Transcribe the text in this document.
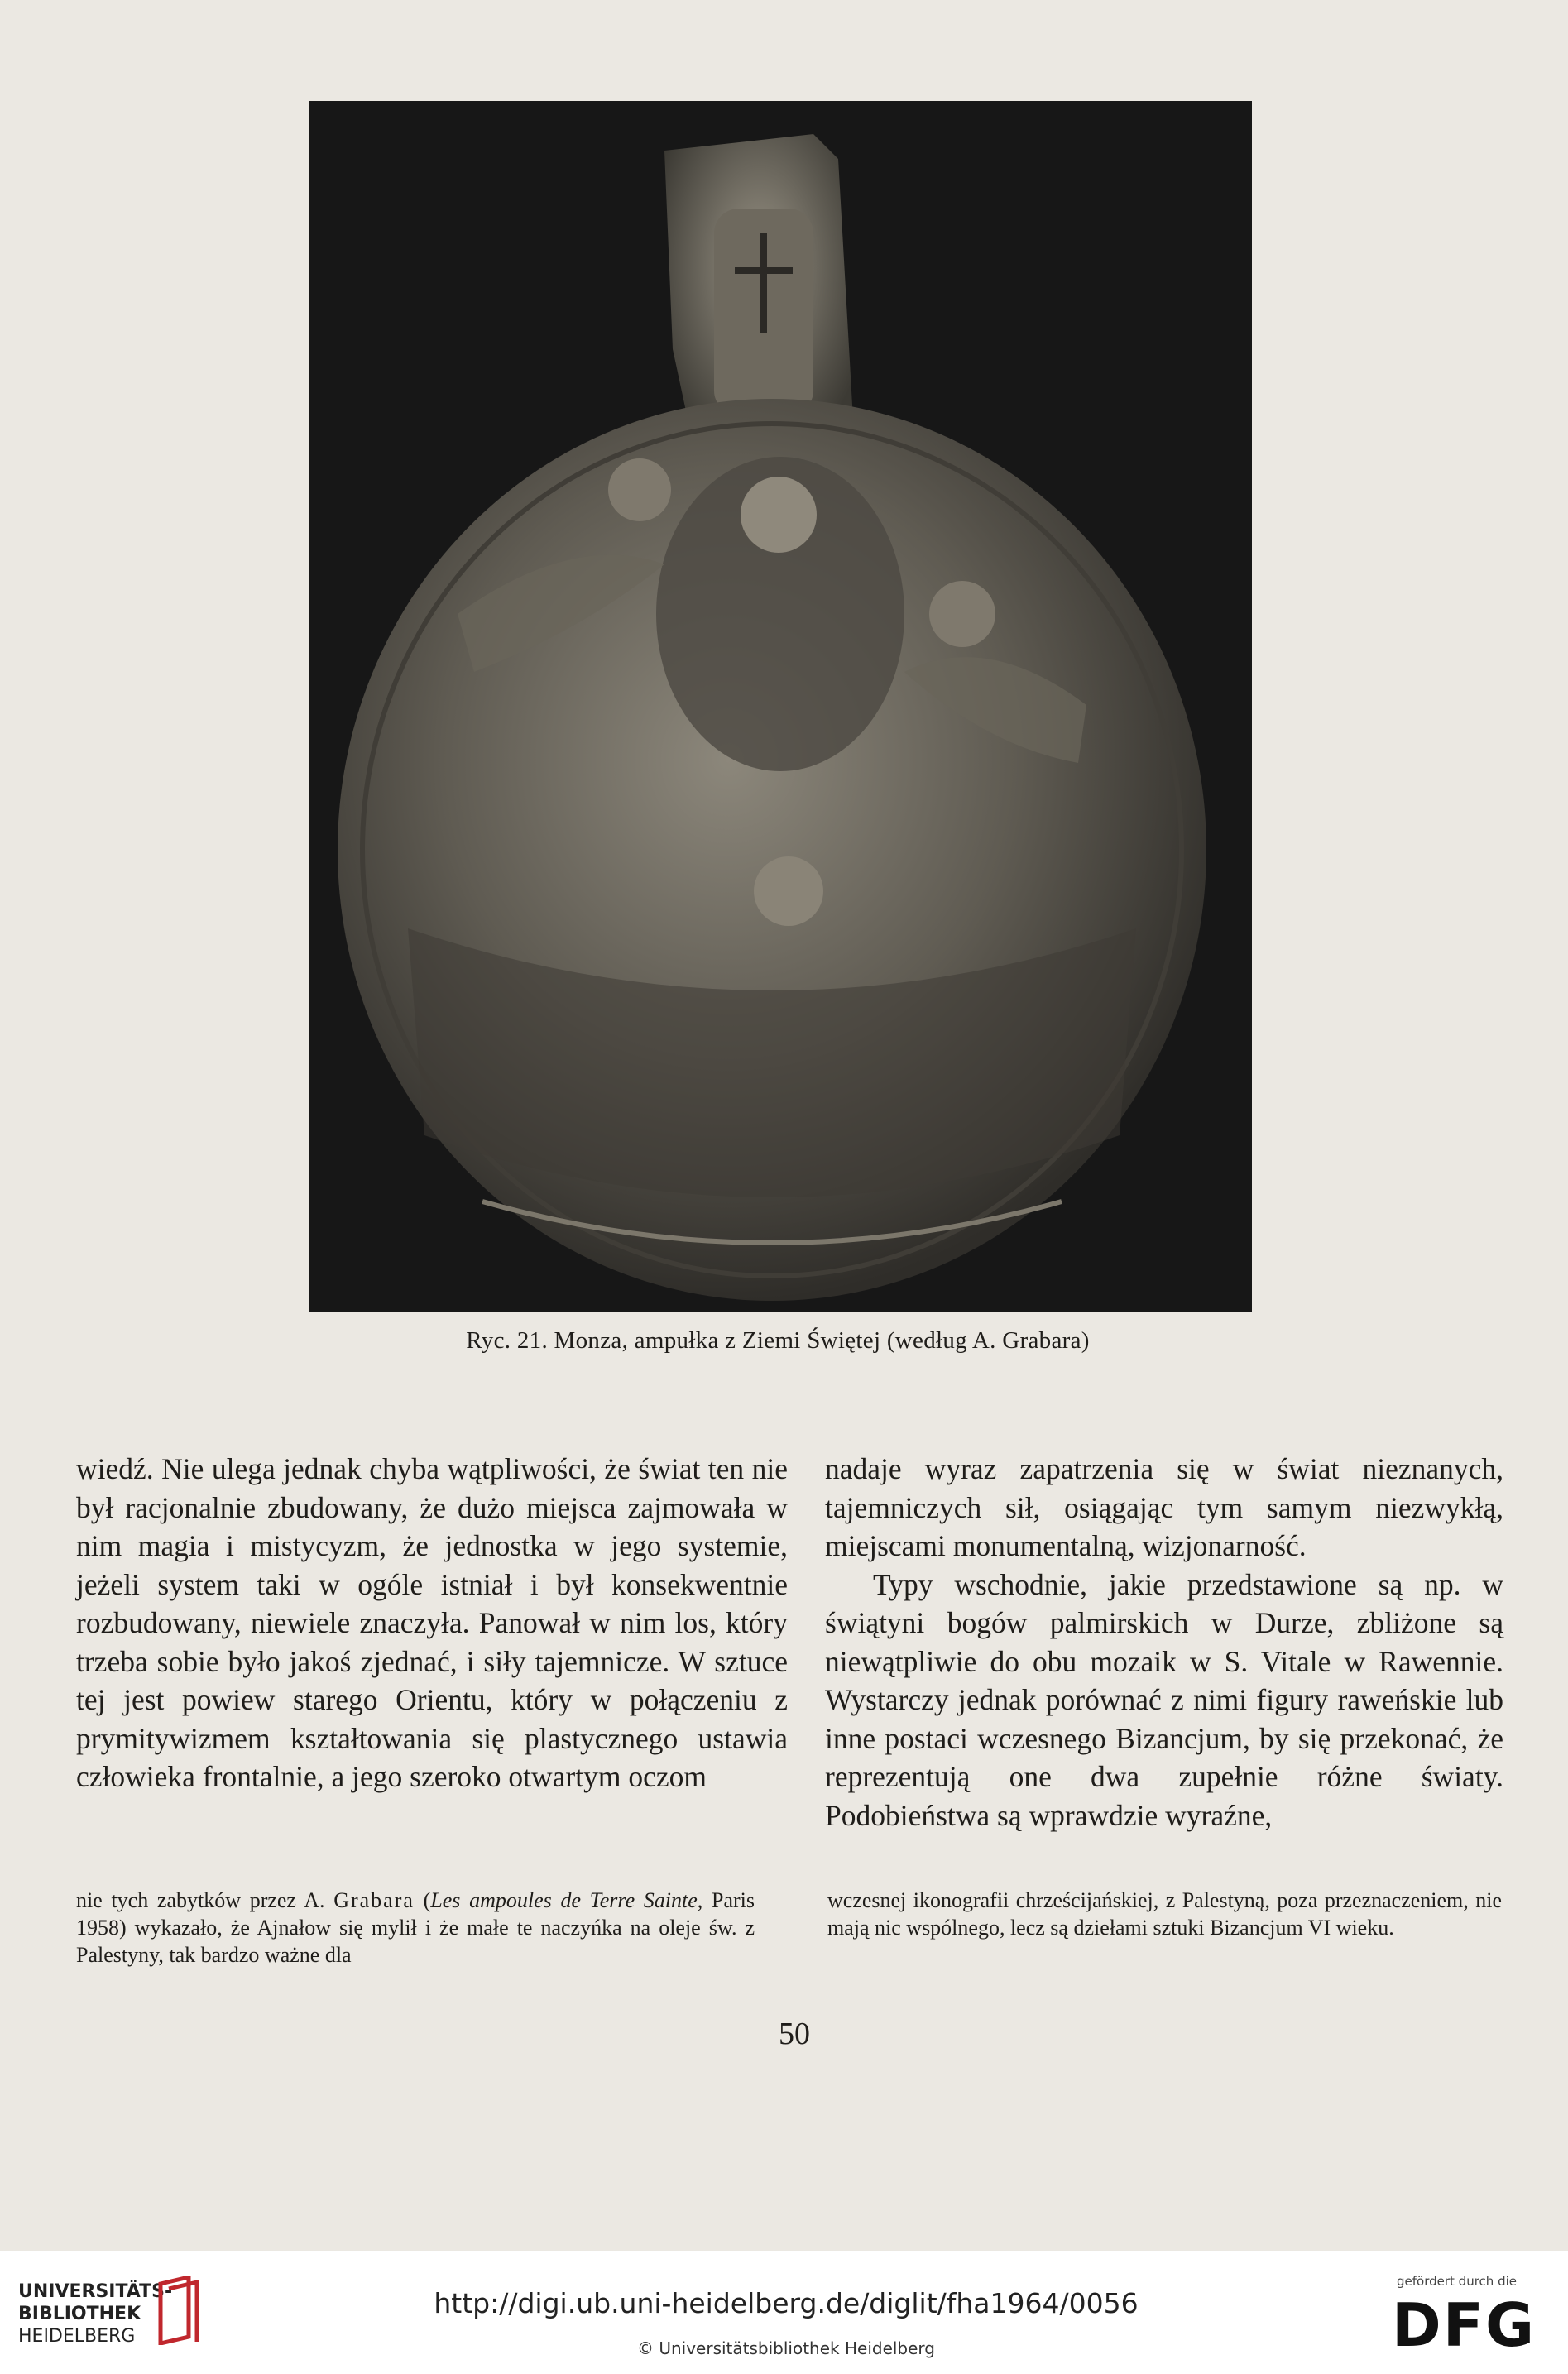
Ryc. 21. Monza, ampułka z Ziemi Świętej (według A. Grabara)

wiedź. Nie ulega jednak chyba wątpliwości, że świat ten nie był racjonalnie zbudowany, że dużo miejsca zajmowała w nim magia i mistycyzm, że jednostka w jego systemie, jeżeli system taki w ogóle istniał i był konsekwentnie rozbudowany, niewiele znaczyła. Panował w nim los, który trzeba sobie było jakoś zjednać, i siły tajemnicze. W sztuce tej jest powiew starego Orientu, który w połączeniu z prymitywizmem kształtowania się plastycznego ustawia człowieka frontalnie, a jego szeroko otwartym oczom

nadaje wyraz zapatrzenia się w świat nieznanych, tajemniczych sił, osiągając tym samym niezwykłą, miejscami monumentalną, wizjonarność.

Typy wschodnie, jakie przedstawione są np. w świątyni bogów palmirskich w Durze, zbliżone są niewątpliwie do obu mozaik w S. Vitale w Rawennie. Wystarczy jednak porównać z nimi figury raweńskie lub inne postaci wczesnego Bizancjum, by się przekonać, że reprezentują one dwa zupełnie różne światy. Podobieństwa są wprawdzie wyraźne,

nie tych zabytków przez A. Grabara (Les ampoules de Terre Sainte, Paris 1958) wykazało, że Ajnałow się mylił i że małe te naczyńka na oleje św. z Palestyny, tak bardzo ważne dla
wczesnej ikonografii chrześcijańskiej, z Palestyną, poza przeznaczeniem, nie mają nic wspólnego, lecz są dziełami sztuki Bizancjum VI wieku.
50
UNIVERSITÄTS-
BIBLIOTHEK
HEIDELBERG
http://digi.ub.uni-heidelberg.de/diglit/fha1964/0056
© Universitätsbibliothek Heidelberg
gefördert durch die
DFG
